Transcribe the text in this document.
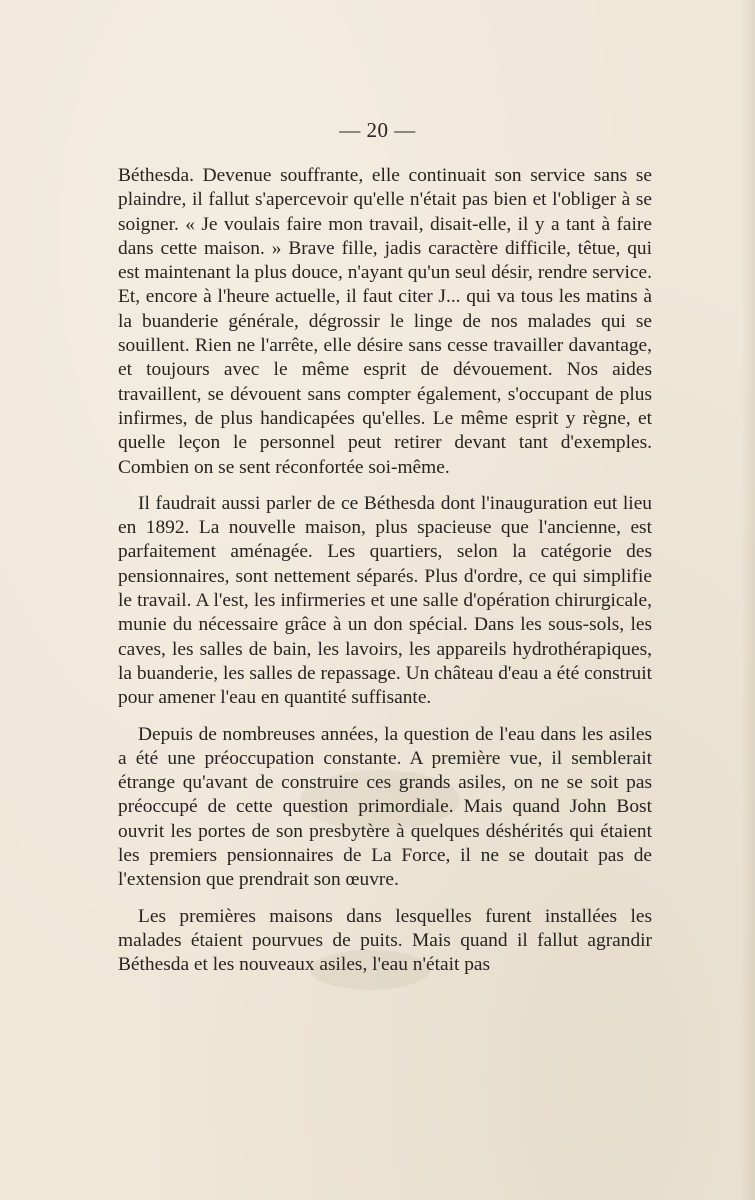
— 20 —

Béthesda. Devenue souffrante, elle continuait son service sans se plaindre, il fallut s'apercevoir qu'elle n'était pas bien et l'obliger à se soigner. « Je voulais faire mon travail, disait-elle, il y a tant à faire dans cette maison. » Brave fille, jadis caractère difficile, têtue, qui est maintenant la plus douce, n'ayant qu'un seul désir, rendre service. Et, encore à l'heure actuelle, il faut citer J... qui va tous les matins à la buanderie générale, dégrossir le linge de nos malades qui se souillent. Rien ne l'arrête, elle désire sans cesse travailler davantage, et toujours avec le même esprit de dévouement. Nos aides travaillent, se dévouent sans compter également, s'occupant de plus infirmes, de plus handicapées qu'elles. Le même esprit y règne, et quelle leçon le personnel peut retirer devant tant d'exemples. Combien on se sent réconfortée soi-même.

Il faudrait aussi parler de ce Béthesda dont l'inauguration eut lieu en 1892. La nouvelle maison, plus spacieuse que l'ancienne, est parfaitement aménagée. Les quartiers, selon la catégorie des pensionnaires, sont nettement séparés. Plus d'ordre, ce qui simplifie le travail. A l'est, les infirmeries et une salle d'opération chirurgicale, munie du nécessaire grâce à un don spécial. Dans les sous-sols, les caves, les salles de bain, les lavoirs, les appareils hydrothérapiques, la buanderie, les salles de repassage. Un château d'eau a été construit pour amener l'eau en quantité suffisante.

Depuis de nombreuses années, la question de l'eau dans les asiles a été une préoccupation constante. A première vue, il semblerait étrange qu'avant de construire ces grands asiles, on ne se soit pas préoccupé de cette question primordiale. Mais quand John Bost ouvrit les portes de son presbytère à quelques déshérités qui étaient les premiers pensionnaires de La Force, il ne se doutait pas de l'extension que prendrait son œuvre.

Les premières maisons dans lesquelles furent installées les malades étaient pourvues de puits. Mais quand il fallut agrandir Béthesda et les nouveaux asiles, l'eau n'était pas
